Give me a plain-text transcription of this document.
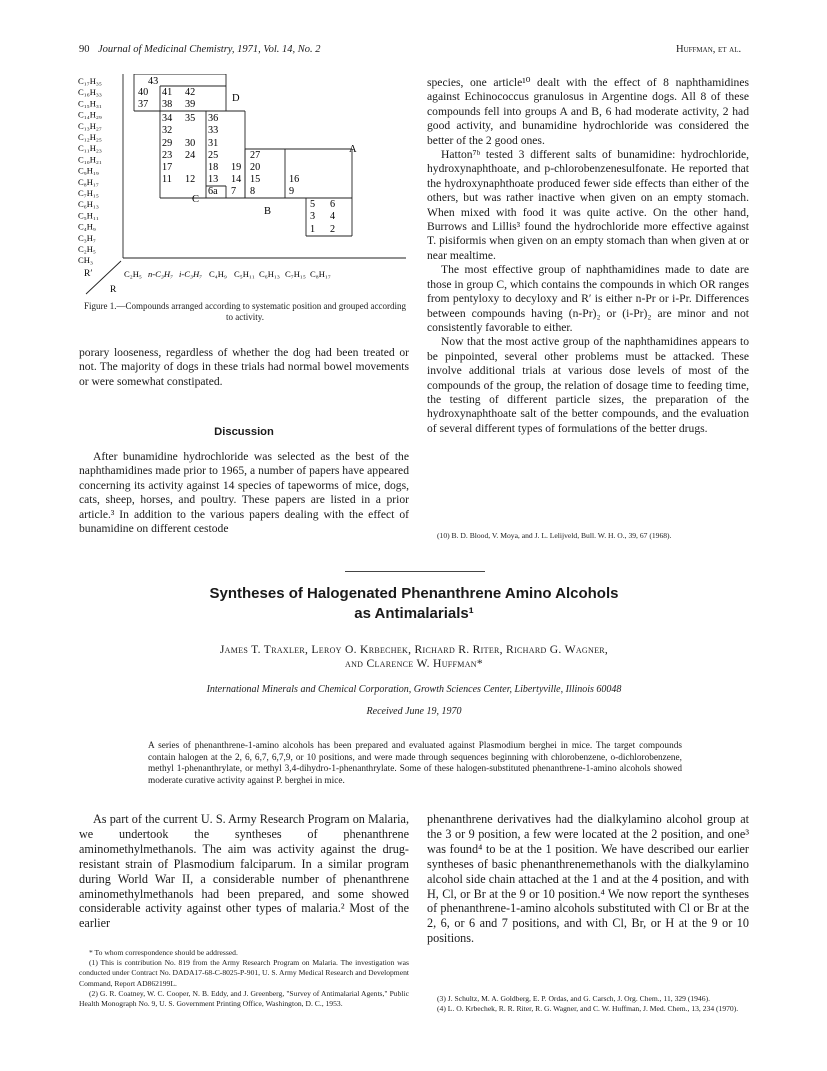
90 Journal of Medicinal Chemistry, 1971, Vol. 14, No. 2	Huffman, et al.
C₁₇H₃₅
C₁₆H₃₃
C₁₅H₃₁
C₁₄H₂₉
C₁₃H₂₇
C₁₂H₂₅
C₁₁H₂₃
C₁₀H₂₁
C₉H₁₉
C₈H₁₇
C₇H₁₅
C₆H₁₃
C₅H₁₁
C₄H₉
C₃H₇
C₂H₅
CH₃
C₂H₅ n-C₃H₇ i-C₃H₇ C₄H₉ C₅H₁₁ C₆H₁₃ C₇H₁₅ C₈H₁₇
43
40 41 42
37 38 39
34 35 36
32	33
29 30 31
23 24 25	27
17	18 19 20
11 12 13 14 15	16
6a 7 8	9
5 6
3 4
1 2
A
B
C
D
R′
R
Figure 1.—Compounds arranged according to systematic position and grouped according to activity.

porary looseness, regardless of whether the dog had been treated or not. The majority of dogs in these trials had normal bowel movements or were somewhat constipated.

Discussion

After bunamidine hydrochloride was selected as the best of the naphthamidines made prior to 1965, a number of papers have appeared concerning its activity against 14 species of tapeworms of mice, dogs, cats, sheep, horses, and poultry. These papers are listed in a prior article.³ In addition to the various papers dealing with the effect of bunamidine on different cestode

species, one article¹⁰ dealt with the effect of 8 naphthamidines against Echinococcus granulosus in Argentine dogs. All 8 of these compounds fell into groups A and B, 6 had moderate activity, 2 had good activity, and bunamidine hydrochloride was considered the better of the 2 good ones.

Hatton⁷ᵇ tested 3 different salts of bunamidine: hydrochloride, hydroxynaphthoate, and p-chlorobenzenesulfonate. He reported that the hydroxynaphthoate produced fewer side effects than either of the others, but was rather inactive when given on an empty stomach. When mixed with food it was quite active. On the other hand, Burrows and Lillis³ found the hydrochloride more effective against T. pisiformis when given on an empty stomach than when given at or near mealtime.

The most effective group of naphthamidines made to date are those in group C, which contains the compounds in which OR ranges from pentyloxy to decyloxy and R′ is either n-Pr or i-Pr. Differences between compounds having (n-Pr)₂ or (i-Pr)₂ are minor and not consistently favorable to either.

Now that the most active group of the naphthamidines appears to be pinpointed, several other problems must be attacked. These involve additional trials at various dose levels of most of the compounds of the group, the relation of dosage time to feeding time, the testing of different particle sizes, the preparation of the hydroxynaphthoate salt of the better compounds, and the evaluation of several different types of formulations of the better drugs.

(10) B. D. Blood, V. Moya, and J. L. Lelijveld, Bull. W. H. O., 39, 67 (1968).

Syntheses of Halogenated Phenanthrene Amino Alcohols
as Antimalarials¹
James T. Traxler, Leroy O. Krbechek, Richard R. Riter, Richard G. Wagner,
and Clarence W. Huffman*
International Minerals and Chemical Corporation, Growth Sciences Center, Libertyville, Illinois 60048
Received June 19, 1970
A series of phenanthrene-1-amino alcohols has been prepared and evaluated against Plasmodium berghei in mice. The target compounds contain halogen at the 2, 6, 6,7, 6,7,9, or 10 positions, and were made through sequences beginning with chlorobenzene, o-dichlorobenzene, methyl 1-phenanthrylate, or methyl 3,4-dihydro-1-phenanthrylate. Some of these halogen-substituted phenanthrene-1-amino alcohols showed moderate curative activity against P. berghei in mice.

As part of the current U. S. Army Research Program on Malaria, we undertook the syntheses of phenanthrene aminomethylmethanols. The aim was activity against the drug-resistant strain of Plasmodium falciparum. In a similar program during World War II, a considerable number of phenanthrene aminomethylmethanols had been prepared, and some showed considerable activity against other types of malaria.² Most of the earlier

phenanthrene derivatives had the dialkylamino alcohol group at the 3 or 9 position, a few were located at the 2 position, and one³ was found⁴ to be at the 1 position. We have described our earlier syntheses of basic phenanthrenemethanols with the dialkylamino alcohol side chain attached at the 1 and at the 4 position, and with H, Cl, or Br at the 9 or 10 position.⁴ We now report the syntheses of phenanthrene-1-amino alcohols substituted with Cl or Br at the 2, 6, or 6 and 7 positions, and with Cl, Br, or H at the 9 or 10 positions.

* To whom correspondence should be addressed.

(1) This is contribution No. 819 from the Army Research Program on Malaria. The investigation was conducted under Contract No. DADA17-68-C-8025-P-901, U. S. Army Medical Research and Development Command, Report AD862199L.

(2) G. R. Coatney, W. C. Cooper, N. B. Eddy, and J. Greenberg, "Survey of Antimalarial Agents," Public Health Monograph No. 9, U. S. Government Printing Office, Washington, D. C., 1953.

(3) J. Schultz, M. A. Goldberg, E. P. Ordas, and G. Carsch, J. Org. Chem., 11, 329 (1946).

(4) L. O. Krbechek, R. R. Riter, R. G. Wagner, and C. W. Huffman, J. Med. Chem., 13, 234 (1970).
